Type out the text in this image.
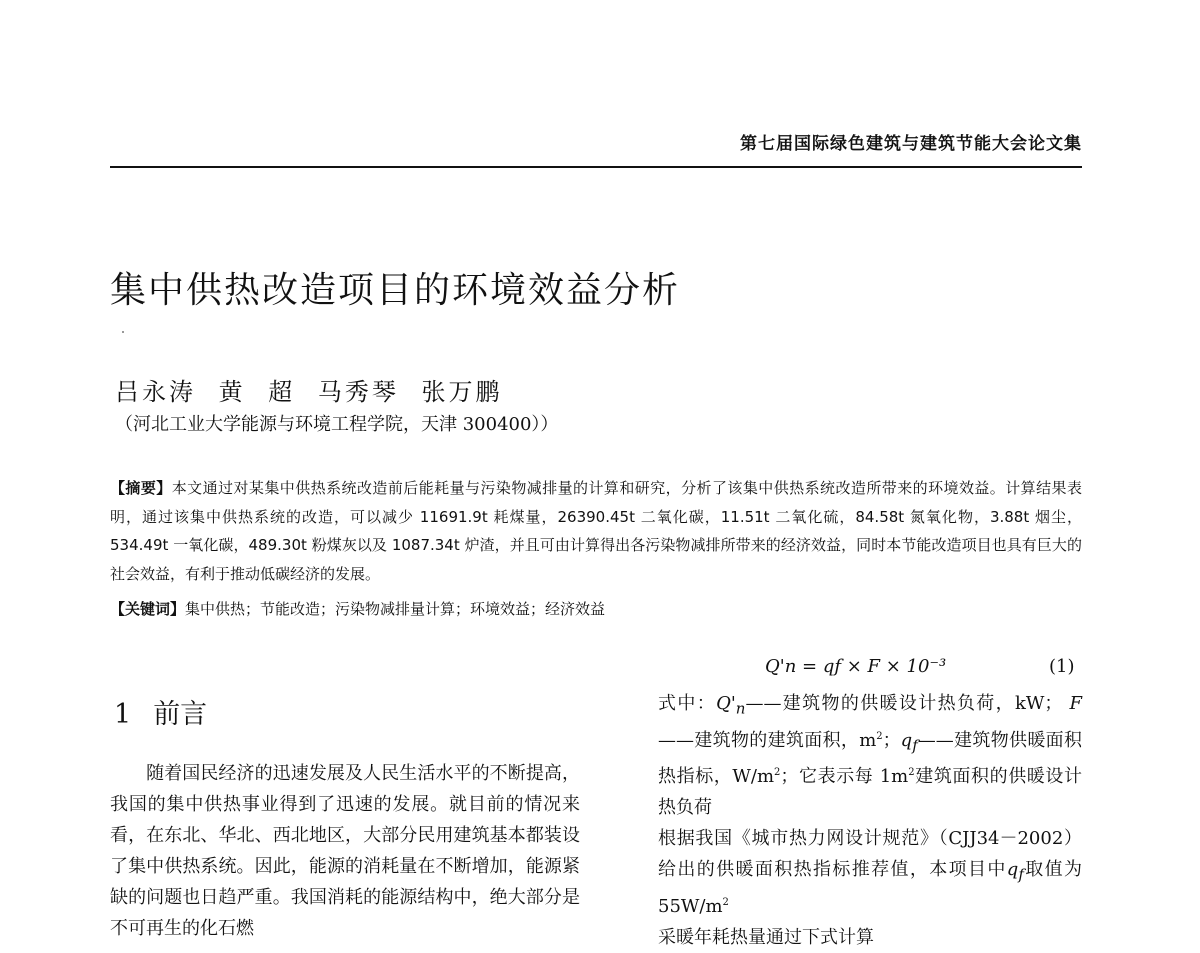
第七届国际绿色建筑与建筑节能大会论文集
集中供热改造项目的环境效益分析
吕永涛 黄 超 马秀琴 张万鹏
（河北工业大学能源与环境工程学院，天津 300400））
【摘要】本文通过对某集中供热系统改造前后能耗量与污染物减排量的计算和研究，分析了该集中供热系统改造所带来的环境效益。计算结果表明，通过该集中供热系统的改造，可以减少 11691.9t 耗煤量，26390.45t 二氧化碳，11.51t 二氧化硫，84.58t 氮氧化物，3.88t 烟尘，534.49t 一氧化碳，489.30t 粉煤灰以及 1087.34t 炉渣，并且可由计算得出各污染物减排所带来的经济效益，同时本节能改造项目也具有巨大的社会效益，有利于推动低碳经济的发展。
【关键词】集中供热；节能改造；污染物减排量计算；环境效益；经济效益
1 前言
随着国民经济的迅速发展及人民生活水平的不断提高，我国的集中供热事业得到了迅速的发展。就目前的情况来看，在东北、华北、西北地区，大部分民用建筑基本都装设了集中供热系统。因此，能源的消耗量在不断增加，能源紧缺的问题也日趋严重。我国消耗的能源结构中，绝大部分是不可再生的化石燃
Q'n = qf × F × 10⁻³	(1)

式中：$Q'_n——$建筑物的供暖设计热负荷，kW； F——建筑物的建筑面积，$m^2$；$q_f——$建筑物供暖面积热指标，$W/m^2$；它表示每 $1m^2$建筑面积的供暖设计热负荷

根据我国《城市热力网设计规范》（CJJ34－2002）给出的供暖面积热指标推荐值，本项目中$q_f$取值为 $55W/m^2$

采暖年耗热量通过下式计算
